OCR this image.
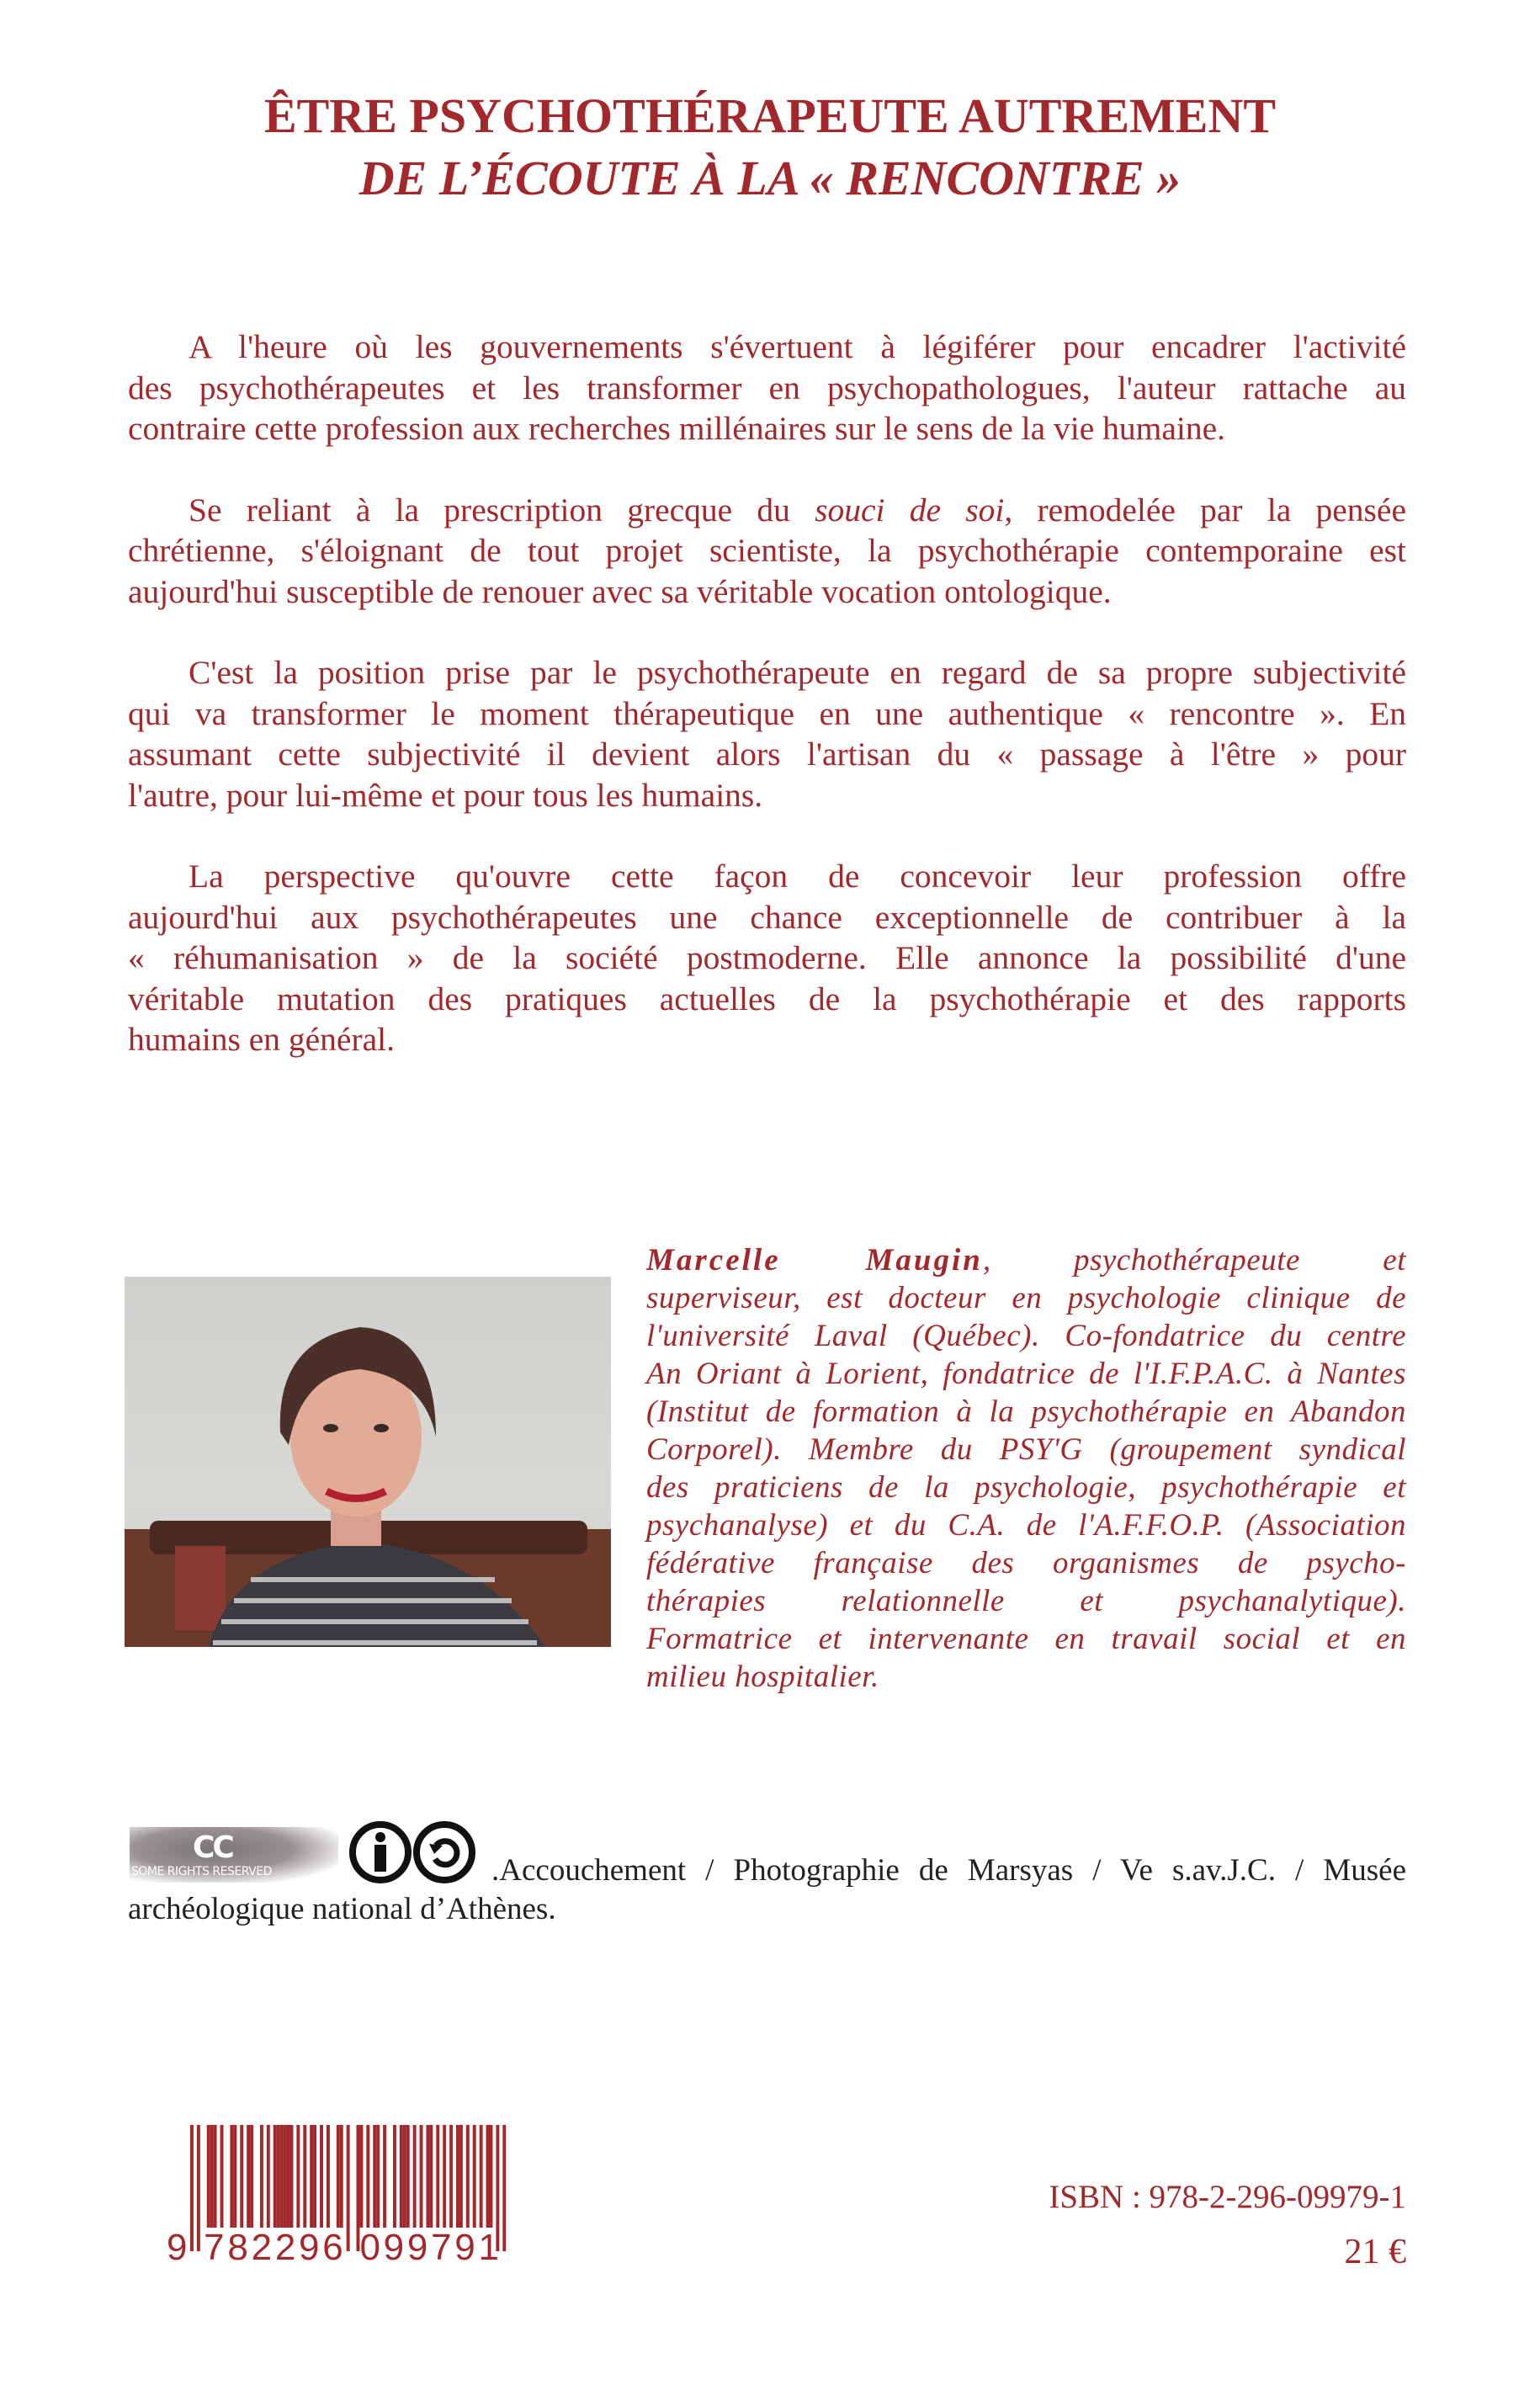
ÊTRE PSYCHOTHÉRAPEUTE AUTREMENT
DE L’ÉCOUTE À LA « RENCONTRE »
A l'heure où les gouvernements s'évertuent à légiférer pour encadrer l'activité
des psychothérapeutes et les transformer en psychopathologues, l'auteur rattache au
contraire cette profession aux recherches millénaires sur le sens de la vie humaine.
Se reliant à la prescription grecque du souci de soi, remodelée par la pensée
chrétienne, s'éloignant de tout projet scientiste, la psychothérapie contemporaine est
aujourd'hui susceptible de renouer avec sa véritable vocation ontologique.
C'est la position prise par le psychothérapeute en regard de sa propre subjectivité
qui va transformer le moment thérapeutique en une authentique « rencontre ». En
assumant cette subjectivité il devient alors l'artisan du « passage à l'être » pour
l'autre, pour lui-même et pour tous les humains.
La perspective qu'ouvre cette façon de concevoir leur profession offre
aujourd'hui aux psychothérapeutes une chance exceptionnelle de contribuer à la
« réhumanisation » de la société postmoderne. Elle annonce la possibilité d'une
véritable mutation des pratiques actuelles de la psychothérapie et des rapports
humains en général.
Marcelle Maugin, psychothérapeute et
superviseur, est docteur en psychologie clinique de
l'université Laval (Québec). Co-fondatrice du centre
An Oriant à Lorient, fondatrice de l'I.F.P.A.C. à Nantes
(Institut de formation à la psychothérapie en Abandon
Corporel). Membre du PSY'G (groupement syndical
des praticiens de la psychologie, psychothérapie et
psychanalyse) et du C.A. de l'A.F.F.O.P. (Association
fédérative française des organismes de psycho-
thérapies relationnelle et psychanalytique).
Formatrice et intervenante en travail social et en
milieu hospitalier.
CC
SOME RIGHTS RESERVED	.Accouchement / Photographie de Marsyas / Ve s.av.J.C. / Musée
archéologique national d’Athènes.
9 782296 099791
ISBN : 978-2-296-09979-1
21 €
